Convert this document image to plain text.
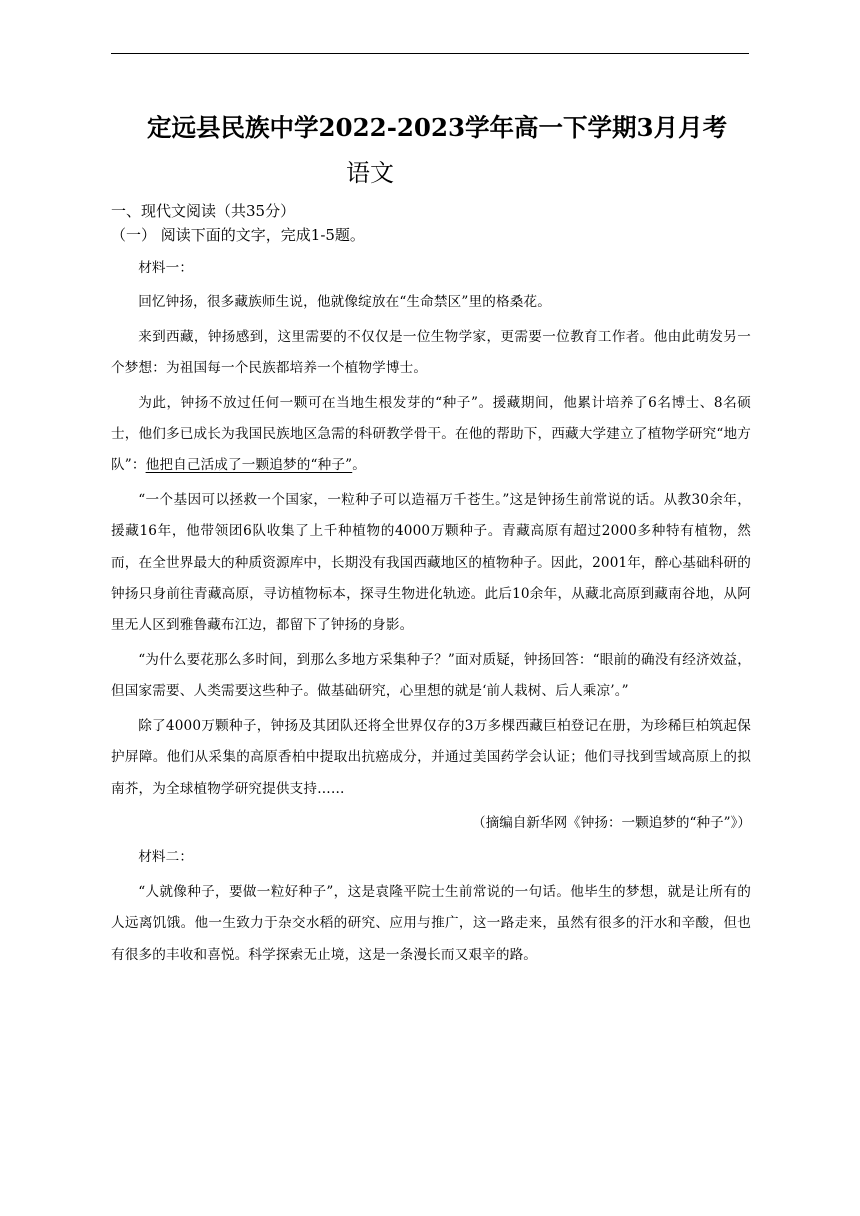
定远县民族中学2022-2023学年高一下学期3月月考
语文

一、现代文阅读（共35分）

（一） 阅读下面的文字，完成1-5题。

材料一：

回忆钟扬，很多藏族师生说，他就像绽放在“生命禁区”里的格桑花。

来到西藏，钟扬感到，这里需要的不仅仅是一位生物学家，更需要一位教育工作者。他由此萌发另一个梦想：为祖国每一个民族都培养一个植物学博士。

为此，钟扬不放过任何一颗可在当地生根发芽的“种子”。援藏期间，他累计培养了6名博士、8名硕士，他们多已成长为我国民族地区急需的科研教学骨干。在他的帮助下，西藏大学建立了植物学研究“地方队”：他把自己活成了一颗追梦的“种子”。

“一个基因可以拯救一个国家，一粒种子可以造福万千苍生。”这是钟扬生前常说的话。从教30余年，援藏16年，他带领团6队收集了上千种植物的4000万颗种子。青藏高原有超过2000多种特有植物，然而，在全世界最大的种质资源库中，长期没有我国西藏地区的植物种子。因此，2001年，醉心基础科研的钟扬只身前往青藏高原，寻访植物标本，探寻生物进化轨迹。此后10余年，从藏北高原到藏南谷地，从阿里无人区到雅鲁藏布江边，都留下了钟扬的身影。

“为什么要花那么多时间，到那么多地方采集种子？”面对质疑，钟扬回答：“眼前的确没有经济效益，但国家需要、人类需要这些种子。做基础研究，心里想的就是‘前人栽树、后人乘凉’。”

除了4000万颗种子，钟扬及其团队还将全世界仅存的3万多棵西藏巨柏登记在册，为珍稀巨柏筑起保护屏障。他们从采集的高原香柏中提取出抗癌成分，并通过美国药学会认证；他们寻找到雪域高原上的拟南芥，为全球植物学研究提供支持……

（摘编自新华网《钟扬：一颗追梦的“种子”》）

材料二：

“人就像种子，要做一粒好种子”，这是袁隆平院士生前常说的一句话。他毕生的梦想，就是让所有的人远离饥饿。他一生致力于杂交水稻的研究、应用与推广，这一路走来，虽然有很多的汗水和辛酸，但也有很多的丰收和喜悦。科学探索无止境，这是一条漫长而又艰辛的路。
